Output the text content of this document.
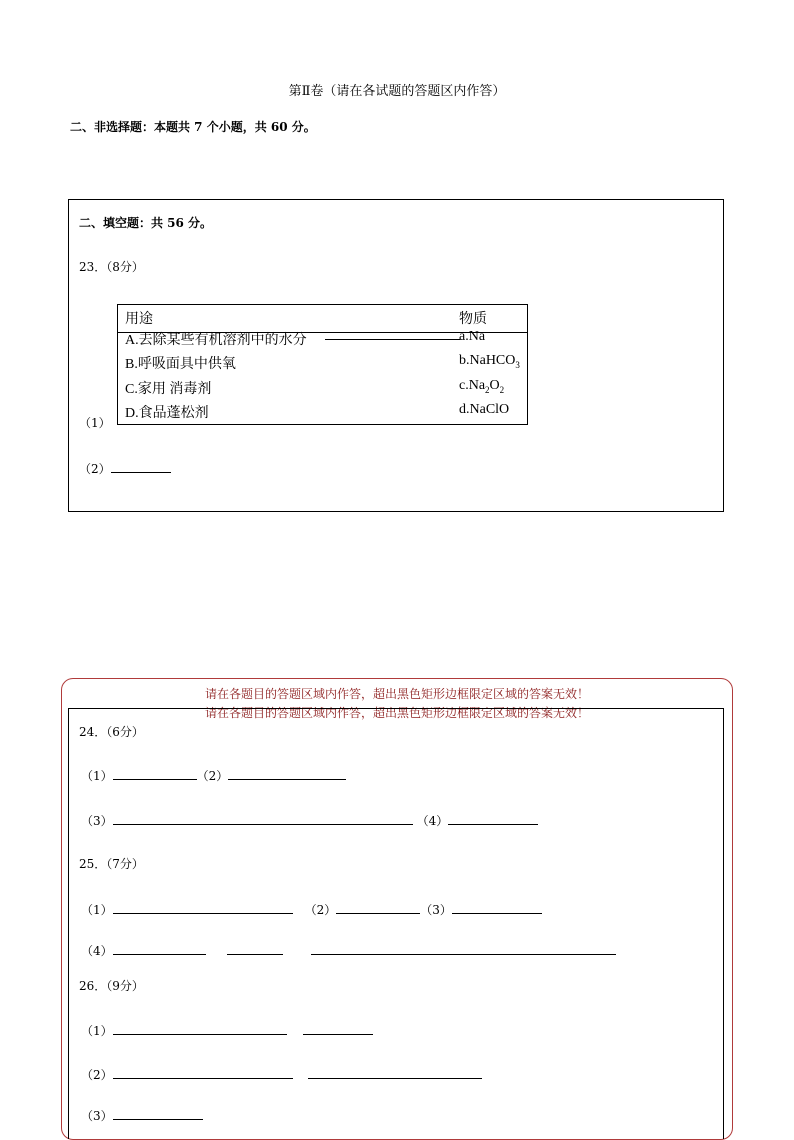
第Ⅱ卷（请在各试题的答题区内作答）
二、非选择题：本题共 7 个小题，共 60 分。
二、填空题：共 56 分。
23．（8分）
用途	物质
A.去除某些有机溶剂中的水分	a.Na
B.呼吸面具中供氧	b.NaHCO$_3$
C.家用 消毒剂	$c.Na_2O_2$
D.食品蓬松剂	d.NaClO
（1）
（2）
请在各题目的答题区域内作答，超出黑色矩形边框限定区域的答案无效！
请在各题目的答题区域内作答，超出黑色矩形边框限定区域的答案无效！
24．（6分）
（1）	（2）
（3）	（4）
25．（7分）
（1）	（2）	（3）
（4）
26．（9分）
（1）
（2）
（3）
